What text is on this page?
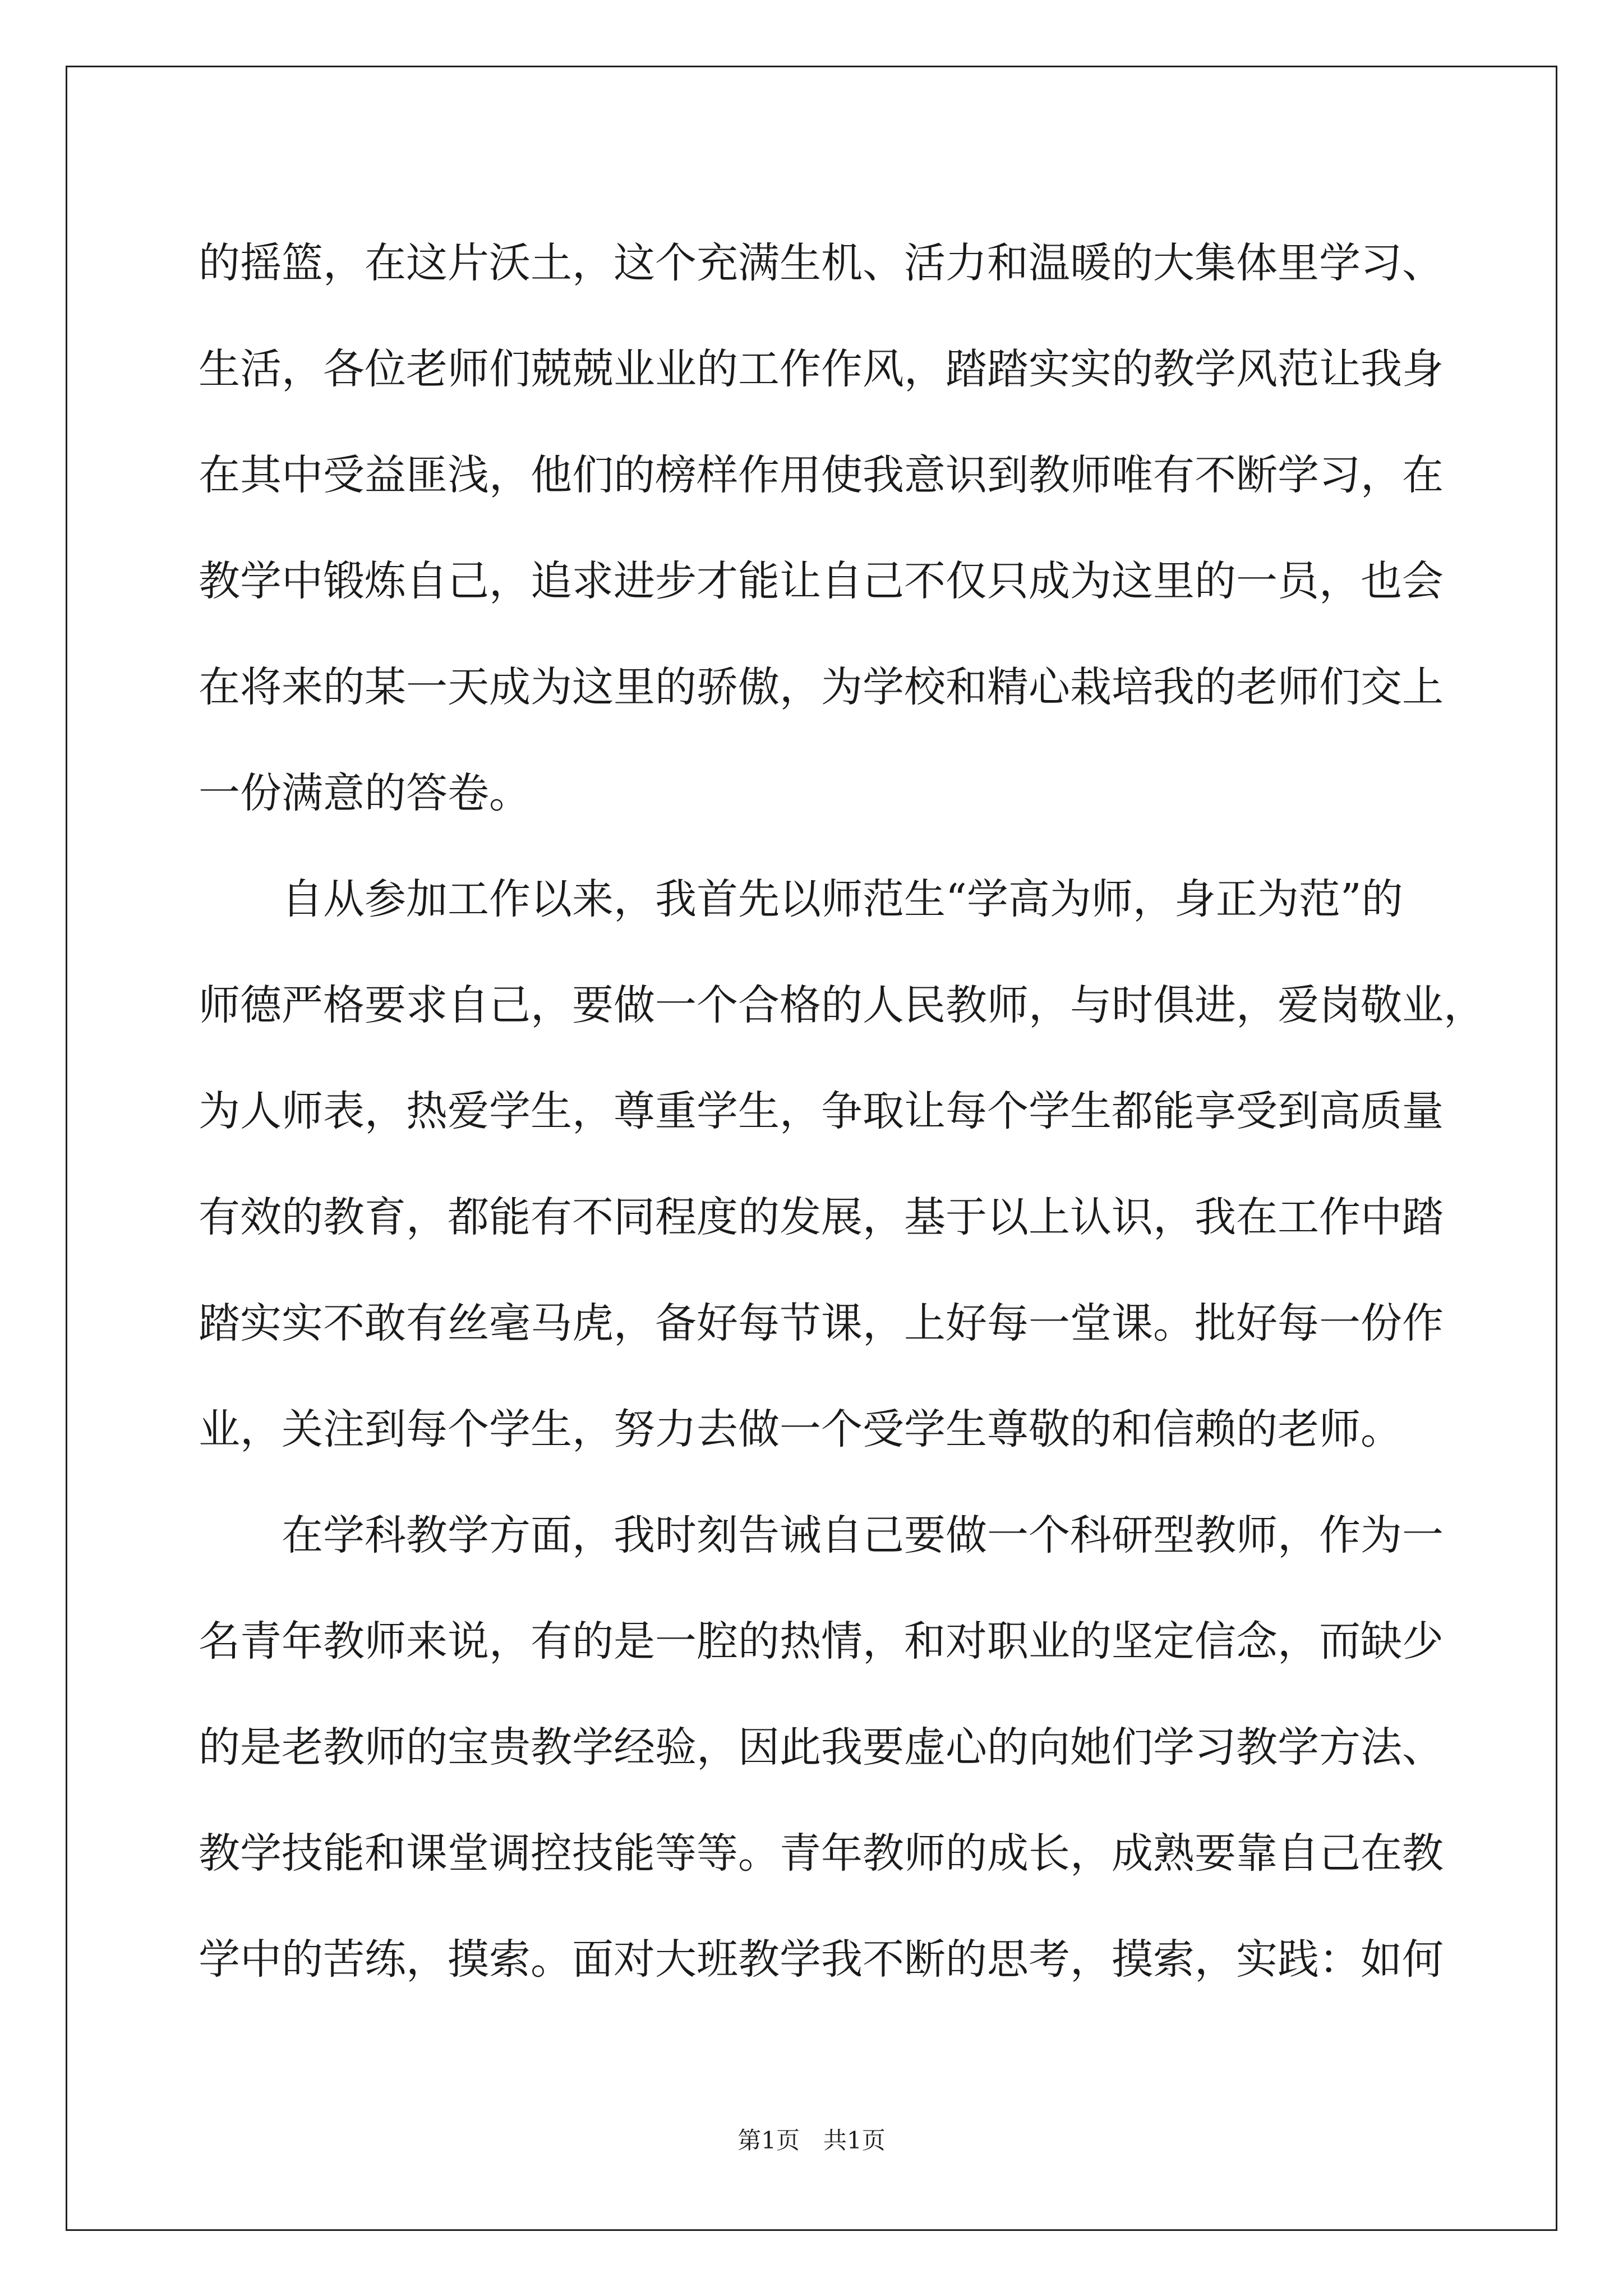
的摇篮，在这片沃土，这个充满生机、活力和温暖的大集体里学习、
生活，各位老师们兢兢业业的工作作风，踏踏实实的教学风范让我身
在其中受益匪浅，他们的榜样作用使我意识到教师唯有不断学习，在
教学中锻炼自己，追求进步才能让自己不仅只成为这里的一员，也会
在将来的某一天成为这里的骄傲，为学校和精心栽培我的老师们交上
一份满意的答卷。
自从参加工作以来，我首先以师范生“学高为师，身正为范”的
师德严格要求自己，要做一个合格的人民教师，与时俱进，爱岗敬业，
为人师表，热爱学生，尊重学生，争取让每个学生都能享受到高质量
有效的教育，都能有不同程度的发展，基于以上认识，我在工作中踏
踏实实不敢有丝毫马虎，备好每节课，上好每一堂课。批好每一份作
业，关注到每个学生，努力去做一个受学生尊敬的和信赖的老师。
在学科教学方面，我时刻告诫自己要做一个科研型教师，作为一
名青年教师来说，有的是一腔的热情，和对职业的坚定信念，而缺少
的是老教师的宝贵教学经验，因此我要虚心的向她们学习教学方法、
教学技能和课堂调控技能等等。青年教师的成长，成熟要靠自己在教
学中的苦练，摸索。面对大班教学我不断的思考，摸索，实践：如何
第1页　共1页
